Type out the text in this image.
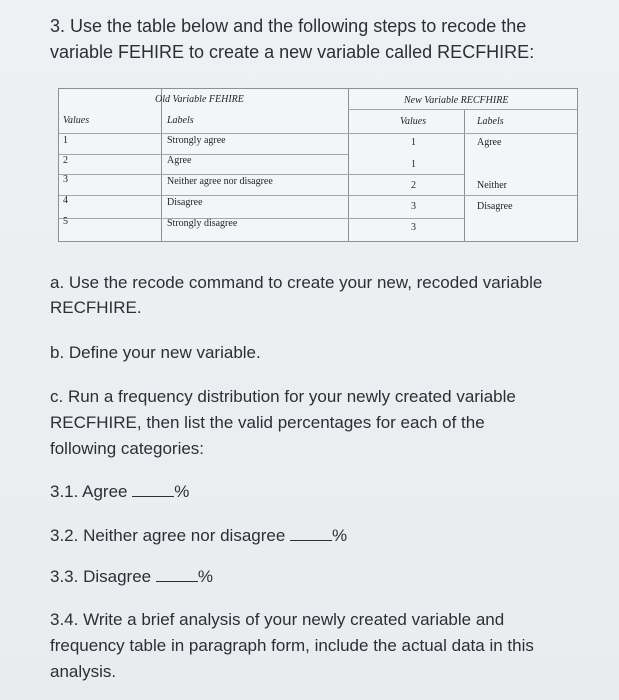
3. Use the table below and the following steps to recode the
variable FEHIRE to create a new variable called RECFHIRE:
Old Variable FEHIRE	New Variable RECFHIRE
Values	Labels	Values	Labels
1	Strongly agree	1	Agree
2	Agree	1
3	Neither agree nor disagree	2	Neither
4	Disagree	3	Disagree
5	Strongly disagree	3
a. Use the recode command to create your new, recoded variable
RECFHIRE.
b. Define your new variable.
c. Run a frequency distribution for your newly created variable
RECFHIRE, then list the valid percentages for each of the
following categories:
3.1. Agree	%
3.2. Neither agree nor disagree	%
3.3. Disagree	%
3.4. Write a brief analysis of your newly created variable and
frequency table in paragraph form, include the actual data in this
analysis.
